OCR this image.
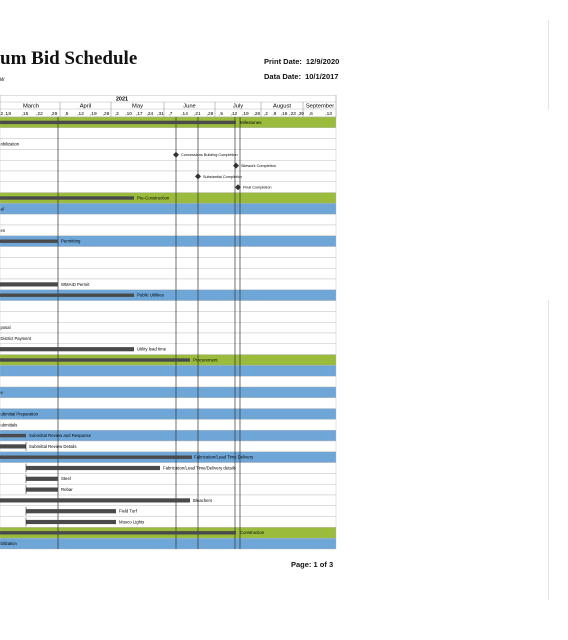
um Bid Schedule
w
Print Date: 12/9/2020
Data Date: 10/1/2017
2021
March
,8 ,15 ,22 ,29
April
,5 ,12 ,19 ,26
May
,3 ,10 ,17 ,24 ,31
June
,7 ,14 ,21 ,28
July
,5 ,12 ,19 ,26
August
,2 ,9 ,16 ,23 ,30
September
,6	,13
2 ,1
Milestones
obilization
Concessions Building Completion
Sitework Completion
Substantial Completion
Final Completion
Pre-Construction
al
es
Permitting
WMAID Permit
Public Utilities
posal
District Payment
Utility lead time
Procurement
e
ubmittal Preparation
ubmittals
Submittal Review and Response
Submittal Review Details
Fabrication/Lead Time Delivery
Fabrication/Lead Time/Delivery details
Steel
Rebar
Bleachers
Field Turf
Musco Lights
Construction
bilization
Page: 1 of 3
